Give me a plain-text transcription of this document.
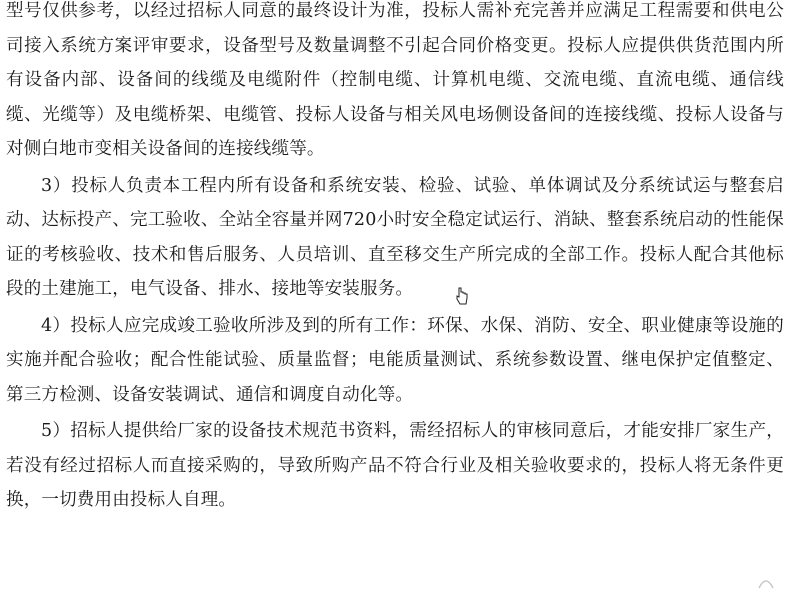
型号仅供参考，以经过招标人同意的最终设计为准，投标人需补充完善并应满足工程需要和供电公司接入系统方案评审要求，设备型号及数量调整不引起合同价格变更。投标人应提供供货范围内所有设备内部、设备间的线缆及电缆附件（控制电缆、计算机电缆、交流电缆、直流电缆、通信线缆、光缆等）及电缆桥架、电缆管、投标人设备与相关风电场侧设备间的连接线缆、投标人设备与对侧白地市变相关设备间的连接线缆等。

3）投标人负责本工程内所有设备和系统安装、检验、试验、单体调试及分系统试运与整套启动、达标投产、完工验收、全站全容量并网720小时安全稳定试运行、消缺、整套系统启动的性能保证的考核验收、技术和售后服务、人员培训、直至移交生产所完成的全部工作。投标人配合其他标段的土建施工，电气设备、排水、接地等安装服务。

4）投标人应完成竣工验收所涉及到的所有工作：环保、水保、消防、安全、职业健康等设施的实施并配合验收；配合性能试验、质量监督；电能质量测试、系统参数设置、继电保护定值整定、第三方检测、设备安装调试、通信和调度自动化等。

5）招标人提供给厂家的设备技术规范书资料，需经招标人的审核同意后，才能安排厂家生产，若没有经过招标人而直接采购的，导致所购产品不符合行业及相关验收要求的，投标人将无条件更换，一切费用由投标人自理。
